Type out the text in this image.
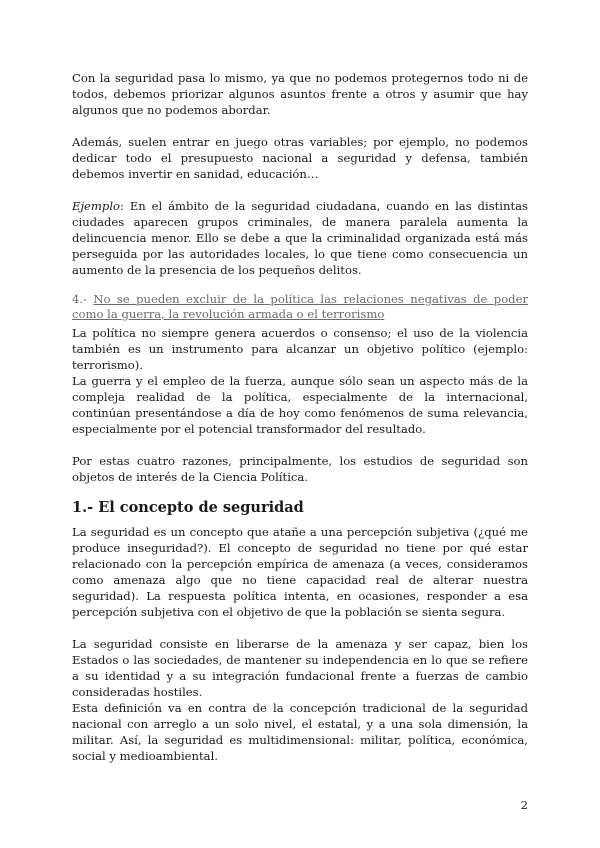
Con la seguridad pasa lo mismo, ya que no podemos protegernos todo ni de todos, debemos priorizar algunos asuntos frente a otros y asumir que hay algunos que no podemos abordar.

Además, suelen entrar en juego otras variables; por ejemplo, no podemos dedicar todo el presupuesto nacional a seguridad y defensa, también debemos invertir en sanidad, educación…

Ejemplo: En el ámbito de la seguridad ciudadana, cuando en las distintas ciudades aparecen grupos criminales, de manera paralela aumenta la delincuencia menor. Ello se debe a que la criminalidad organizada está más perseguida por las autoridades locales, lo que tiene como consecuencia un aumento de la presencia de los pequeños delitos.

4.- No se pueden excluir de la política las relaciones negativas de poder como la guerra, la revolución armada o el terrorismo

La política no siempre genera acuerdos o consenso; el uso de la violencia también es un instrumento para alcanzar un objetivo político (ejemplo: terrorismo).

La guerra y el empleo de la fuerza, aunque sólo sean un aspecto más de la compleja realidad de la política, especialmente de la internacional, continúan presentándose a día de hoy como fenómenos de suma relevancia, especialmente por el potencial transformador del resultado.

Por estas cuatro razones, principalmente, los estudios de seguridad son objetos de interés de la Ciencia Política.

1.- El concepto de seguridad

La seguridad es un concepto que atañe a una percepción subjetiva (¿qué me produce inseguridad?). El concepto de seguridad no tiene por qué estar relacionado con la percepción empírica de amenaza (a veces, consideramos como amenaza algo que no tiene capacidad real de alterar nuestra seguridad). La respuesta política intenta, en ocasiones, responder a esa percepción subjetiva con el objetivo de que la población se sienta segura.

La seguridad consiste en liberarse de la amenaza y ser capaz, bien los Estados o las sociedades, de mantener su independencia en lo que se refiere a su identidad y a su integración fundacional frente a fuerzas de cambio consideradas hostiles.

Esta definición va en contra de la concepción tradicional de la seguridad nacional con arreglo a un solo nivel, el estatal, y a una sola dimensión, la militar. Así, la seguridad es multidimensional: militar, política, económica, social y medioambiental.

2
